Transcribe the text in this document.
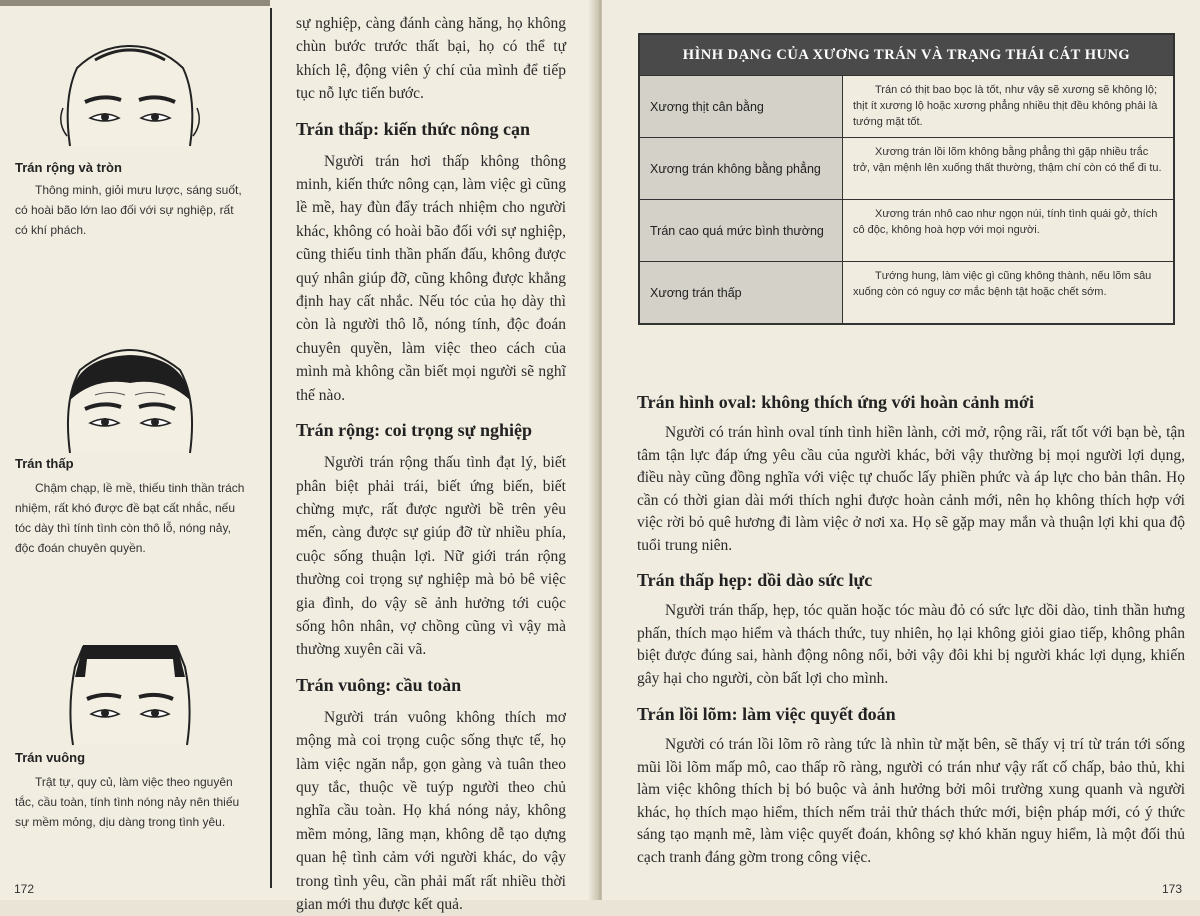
Trán rộng và tròn
Thông minh, giỏi mưu lược, sáng suốt, có hoài bão lớn lao đối với sự nghiệp, rất có khí phách.
Trán thấp
Chậm chạp, lề mề, thiếu tinh thần trách nhiệm, rất khó được đề bạt cất nhắc, nếu tóc dày thì tính tình còn thô lỗ, nóng nảy, độc đoán chuyên quyền.
Trán vuông
Trật tự, quy củ, làm việc theo nguyên tắc, cầu toàn, tính tình nóng nảy nên thiếu sự mềm mỏng, dịu dàng trong tình yêu.

sự nghiệp, càng đánh càng hăng, họ không chùn bước trước thất bại, họ có thể tự khích lệ, động viên ý chí của mình để tiếp tục nỗ lực tiến bước.

Trán thấp: kiến thức nông cạn

Người trán hơi thấp không thông minh, kiến thức nông cạn, làm việc gì cũng lề mề, hay đùn đẩy trách nhiệm cho người khác, không có hoài bão đối với sự nghiệp, cũng thiếu tinh thần phấn đấu, không được quý nhân giúp đỡ, cũng không được khẳng định hay cất nhắc. Nếu tóc của họ dày thì còn là người thô lỗ, nóng tính, độc đoán chuyên quyền, làm việc theo cách của mình mà không cần biết mọi người sẽ nghĩ thế nào.

Trán rộng: coi trọng sự nghiệp

Người trán rộng thấu tình đạt lý, biết phân biệt phải trái, biết ứng biến, biết chừng mực, rất được người bề trên yêu mến, càng được sự giúp đỡ từ nhiều phía, cuộc sống thuận lợi. Nữ giới trán rộng thường coi trọng sự nghiệp mà bỏ bê việc gia đình, do vậy sẽ ảnh hưởng tới cuộc sống hôn nhân, vợ chồng cũng vì vậy mà thường xuyên cãi vã.

Trán vuông: cầu toàn

Người trán vuông không thích mơ mộng mà coi trọng cuộc sống thực tế, họ làm việc ngăn nắp, gọn gàng và tuân theo quy tắc, thuộc về tuýp người theo chủ nghĩa cầu toàn. Họ khá nóng nảy, không mềm mỏng, lãng mạn, không dễ tạo dựng quan hệ tình cảm với người khác, do vậy trong tình yêu, cần phải mất rất nhiều thời gian mới thu được kết quả.

172
HÌNH DẠNG CỦA XƯƠNG TRÁN VÀ TRẠNG THÁI CÁT HUNG
Xương thịt cân bằng
Trán có thịt bao bọc là tốt, như vậy sẽ xương sẽ không lộ; thịt ít xương lộ hoặc xương phẳng nhiều thịt đều không phải là tướng mặt tốt.
Xương trán không bằng phẳng
Xương trán lồi lõm không bằng phẳng thì gặp nhiều trắc trở, vận mệnh lên xuống thất thường, thậm chí còn có thể đi tu.
Trán cao quá mức bình thường
Xương trán nhô cao như ngọn núi, tính tình quái gở, thích cô độc, không hoà hợp với mọi người.
Xương trán thấp
Tướng hung, làm việc gì cũng không thành, nếu lõm sâu xuống còn có nguy cơ mắc bệnh tật hoặc chết sớm.
Trán hình oval: không thích ứng với hoàn cảnh mới

Người có trán hình oval tính tình hiền lành, cởi mở, rộng rãi, rất tốt với bạn bè, tận tâm tận lực đáp ứng yêu cầu của người khác, bởi vậy thường bị mọi người lợi dụng, điều này cũng đồng nghĩa với việc tự chuốc lấy phiền phức và áp lực cho bản thân. Họ cần có thời gian dài mới thích nghi được hoàn cảnh mới, nên họ không thích hợp với việc rời bỏ quê hương đi làm việc ở nơi xa. Họ sẽ gặp may mắn và thuận lợi khi qua độ tuổi trung niên.

Trán thấp hẹp: dồi dào sức lực

Người trán thấp, hẹp, tóc quăn hoặc tóc màu đỏ có sức lực dồi dào, tinh thần hưng phấn, thích mạo hiểm và thách thức, tuy nhiên, họ lại không giỏi giao tiếp, không phân biệt được đúng sai, hành động nông nổi, bởi vậy đôi khi bị người khác lợi dụng, khiến gây hại cho người, còn bất lợi cho mình.

Trán lồi lõm: làm việc quyết đoán

Người có trán lồi lõm rõ ràng tức là nhìn từ mặt bên, sẽ thấy vị trí từ trán tới sống mũi lồi lõm mấp mô, cao thấp rõ ràng, người có trán như vậy rất cố chấp, bảo thủ, khi làm việc không thích bị bó buộc và ảnh hưởng bởi môi trường xung quanh và người khác, họ thích mạo hiểm, thích nếm trải thử thách thức mới, biện pháp mới, có ý thức sáng tạo mạnh mẽ, làm việc quyết đoán, không sợ khó khăn nguy hiểm, là một đối thủ cạch tranh đáng gờm trong công việc.

173
